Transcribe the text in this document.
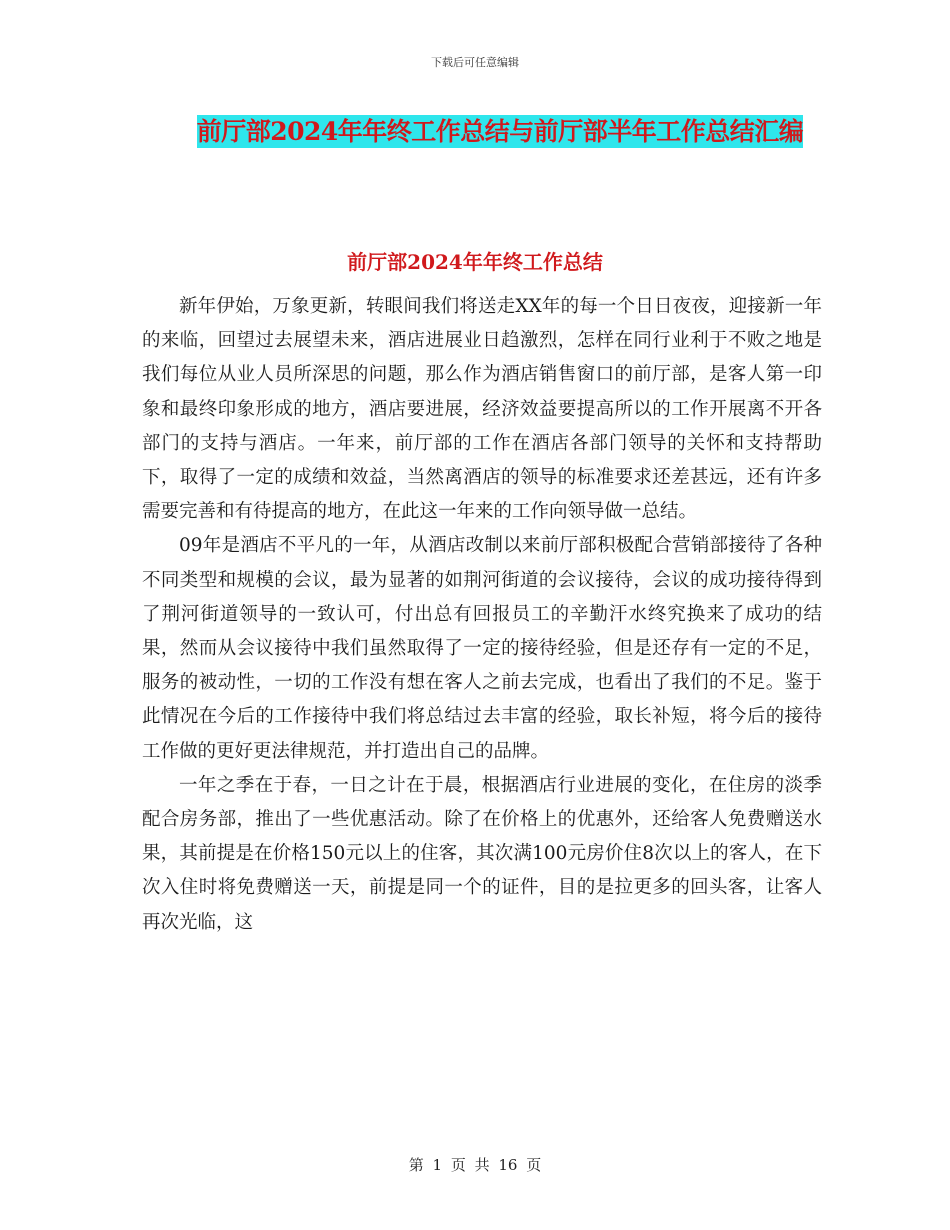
下载后可任意编辑
前厅部2024年年终工作总结与前厅部半年工作总结汇编
前厅部2024年年终工作总结

新年伊始，万象更新，转眼间我们将送走XX年的每一个日日夜夜，迎接新一年的来临，回望过去展望未来，酒店进展业日趋激烈，怎样在同行业利于不败之地是我们每位从业人员所深思的问题，那么作为酒店销售窗口的前厅部，是客人第一印象和最终印象形成的地方，酒店要进展，经济效益要提高所以的工作开展离不开各部门的支持与酒店。一年来，前厅部的工作在酒店各部门领导的关怀和支持帮助下，取得了一定的成绩和效益，当然离酒店的领导的标准要求还差甚远，还有许多需要完善和有待提高的地方，在此这一年来的工作向领导做一总结。

09年是酒店不平凡的一年，从酒店改制以来前厅部积极配合营销部接待了各种不同类型和规模的会议，最为显著的如荆河街道的会议接待，会议的成功接待得到了荆河街道领导的一致认可，付出总有回报员工的辛勤汗水终究换来了成功的结果，然而从会议接待中我们虽然取得了一定的接待经验，但是还存有一定的不足，服务的被动性，一切的工作没有想在客人之前去完成，也看出了我们的不足。鉴于此情况在今后的工作接待中我们将总结过去丰富的经验，取长补短，将今后的接待工作做的更好更法律规范，并打造出自己的品牌。

一年之季在于春，一日之计在于晨，根据酒店行业进展的变化，在住房的淡季配合房务部，推出了一些优惠活动。除了在价格上的优惠外，还给客人免费赠送水果，其前提是在价格150元以上的住客，其次满100元房价住8次以上的客人，在下次入住时将免费赠送一天，前提是同一个的证件，目的是拉更多的回头客，让客人再次光临，这

第 1 页 共 16 页
